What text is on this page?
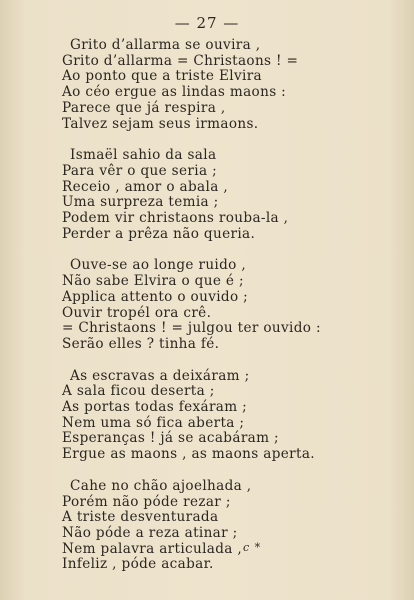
— 27 —
Grito d’allarma se ouvira ,
Grito d’allarma = Christaons ! =
Ao ponto que a triste Elvira
Ao céo ergue as lindas maons :
Parece que já respira ,
Talvez sejam seus irmaons.
Ismaël sahio da sala
Para vêr o que seria ;
Receio , amor o abala ,
Uma surpreza temia ;
Podem vir christaons rouba-la ,
Perder a prêza não queria.
Ouve-se ao longe ruido ,
Não sabe Elvira o que é ;
Applica attento o ouvido ;
Ouvir tropél ora crê.
= Christaons ! = julgou ter ouvido :
Serão elles ? tinha fé.
As escravas a deixáram ;
A sala ficou deserta ;
As portas todas fexáram ;
Nem uma só fica aberta ;
Esperanças ! já se acabáram ;
Ergue as maons , as maons aperta.
Cahe no chão ajoelhada ,
Porém não póde rezar ;
A triste desventurada
Não póde a reza atinar ;
Nem palavra articulada ,
Infeliz , póde acabar.
c *
